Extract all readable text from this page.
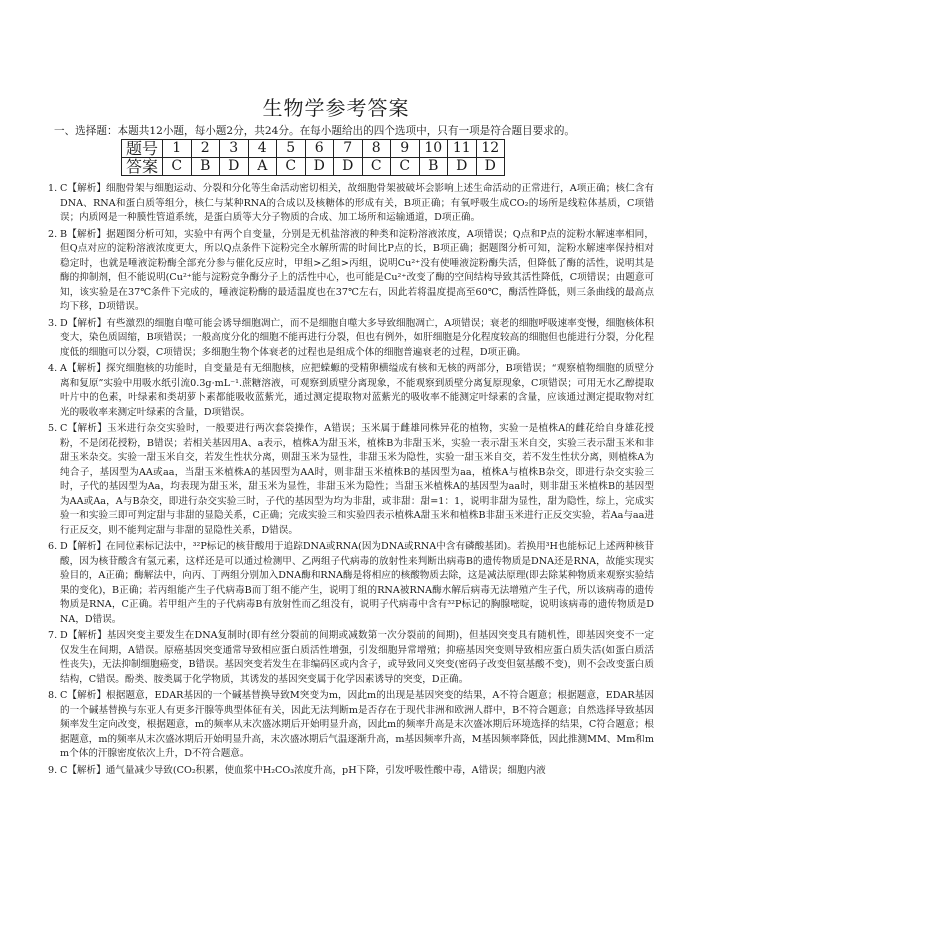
生物学参考答案
一、选择题：本题共12小题，每小题2分，共24分。在每小题给出的四个选项中，只有一项是符合题目要求的。
题号	1	2	3	4	5	6	7	8	9	10	11	12
答案	C	B	D	A	C	D	D	C	C	B	D	D
1. C【解析】细胞骨架与细胞运动、分裂和分化等生命活动密切相关，故细胞骨架被破坏会影响上述生命活动的正常进行，A项正确；核仁含有DNA、RNA和蛋白质等组分，核仁与某种RNA的合成以及核糖体的形成有关，B项正确；有氧呼吸生成CO₂的场所是线粒体基质，C项错误；内质网是一种膜性管道系统，是蛋白质等大分子物质的合成、加工场所和运输通道，D项正确。
2. B【解析】据题图分析可知，实验中有两个自变量，分别是无机盐溶液的种类和淀粉溶液浓度，A项错误；Q点和P点的淀粉水解速率相同，但Q点对应的淀粉溶液浓度更大，所以Q点条件下淀粉完全水解所需的时间比P点的长，B项正确；据题图分析可知，淀粉水解速率保持相对稳定时，也就是唾液淀粉酶全部充分参与催化反应时，甲组>乙组>丙组，说明Cu²⁺没有使唾液淀粉酶失活，但降低了酶的活性，说明其是酶的抑制剂，但不能说明(Cu²⁺能与淀粉竞争酶分子上的活性中心，也可能是Cu²⁺改变了酶的空间结构导致其活性降低，C项错误；由题意可知，该实验是在37℃条件下完成的，唾液淀粉酶的最适温度也在37℃左右，因此若将温度提高至60℃，酶活性降低，则三条曲线的最高点均下移，D项错误。
3. D【解析】有些激烈的细胞自噬可能会诱导细胞凋亡，而不是细胞自噬大多导致细胞凋亡，A项错误；衰老的细胞呼吸速率变慢，细胞核体积变大，染色质固缩，B项错误；一般高度分化的细胞不能再进行分裂，但也有例外，如肝细胞是分化程度较高的细胞但也能进行分裂，分化程度低的细胞可以分裂，C项错误；多细胞生物个体衰老的过程也是组成个体的细胞普遍衰老的过程，D项正确。
4. A【解析】探究细胞核的功能时，自变量是有无细胞核，应把蝾螈的受精卵横缢成有核和无核的两部分，B项错误；“观察植物细胞的质壁分离和复原”实验中用吸水纸引流0.3g·mL⁻¹.蔗糖溶液，可观察到质壁分离现象，不能观察到质壁分离复原现象，C项错误；可用无水乙醇提取叶片中的色素，叶绿素和类胡萝卜素都能吸收蓝紫光，通过测定提取物对蓝紫光的吸收率不能测定叶绿素的含量，应该通过测定提取物对红光的吸收率来测定叶绿素的含量，D项错误。
5. C【解析】玉米进行杂交实验时，一般要进行两次套袋操作，A错误；玉米属于雌雄同株异花的植物，实验一是植株A的雌花给自身雄花授粉，不是闭花授粉，B错误；若相关基因用A、a表示，植株A为甜玉米，植株B为非甜玉米，实验一表示甜玉米自交，实验三表示甜玉米和非甜玉米杂交。实验一甜玉米自交，若发生性状分离，则甜玉米为显性，非甜玉米为隐性，实验一甜玉米自交，若不发生性状分离，则植株A为纯合子，基因型为AA或aa，当甜玉米植株A的基因型为AA时，则非甜玉米植株B的基因型为aa，植株A与植株B杂交，即进行杂交实验三时，子代的基因型为Aa，均表现为甜玉米，甜玉米为显性，非甜玉米为隐性；当甜玉米植株A的基因型为aa时，则非甜玉米植株B的基因型为AA或Aa，A与B杂交，即进行杂交实验三时，子代的基因型为均为非甜，或非甜：甜=1：1，说明非甜为显性，甜为隐性，综上，完成实验一和实验三即可判定甜与非甜的显隐关系，C正确；完成实验三和实验四表示植株A甜玉米和植株B非甜玉米进行正反交实验，若Aa与aa进行正反交，则不能判定甜与非甜的显隐性关系，D错误。
6. D【解析】在同位素标记法中，³²P标记的核苷酸用于追踪DNA或RNA(因为DNA或RNA中含有磷酸基团)。若换用³H也能标记上述两种核苷酸，因为核苷酸含有氢元素，这样还是可以通过检测甲、乙两组子代病毒的放射性来判断出病毒B的遗传物质是DNA还是RNA，故能实现实验目的，A正确；酶解法中，向丙、丁两组分别加入DNA酶和RNA酶是将相应的核酸物质去除，这是减法原理(即去除某种物质来观察实验结果的变化)，B正确；若丙组能产生子代病毒B而丁组不能产生，说明丁组的RNA被RNA酶水解后病毒无法增殖产生子代，所以该病毒的遗传物质是RNA，C正确。若甲组产生的子代病毒B有放射性而乙组没有，说明子代病毒中含有³²P标记的胸腺嘧啶，说明该病毒的遗传物质是DNA，D错误。
7. D【解析】基因突变主要发生在DNA复制时(即有丝分裂前的间期或减数第一次分裂前的间期)，但基因突变具有随机性，即基因突变不一定仅发生在间期，A错误。原癌基因突变通常导致相应蛋白质活性增强，引发细胞异常增殖；抑癌基因突变则导致相应蛋白质失活(如蛋白质活性丧失)，无法抑制细胞癌变，B错误。基因突变若发生在非编码区或内含子，或导致同义突变(密码子改变但氨基酸不变)，则不会改变蛋白质结构，C错误。酚类、胺类属于化学物质，其诱发的基因突变属于化学因素诱导的突变，D正确。
8. C【解析】根据题意，EDAR基因的一个碱基替换导致M突变为m，因此m的出现是基因突变的结果，A不符合题意；根据题意，EDAR基因的一个碱基替换与东亚人有更多汗腺等典型体征有关，因此无法判断m是否存在于现代非洲和欧洲人群中，B不符合题意；自然选择导致基因频率发生定向改变，根据题意，m的频率从末次盛冰期后开始明显升高，因此m的频率升高是末次盛冰期后环境选择的结果，C符合题意；根据题意，m的频率从末次盛冰期后开始明显升高，末次盛冰期后气温逐渐升高，m基因频率升高，M基因频率降低，因此推测MM、Mm和mm个体的汗腺密度依次上升，D不符合题意。
9. C【解析】通气量减少导致(CO₂积累，使血浆中H₂CO₃浓度升高，pH下降，引发呼吸性酸中毒，A错误；细胞内液
